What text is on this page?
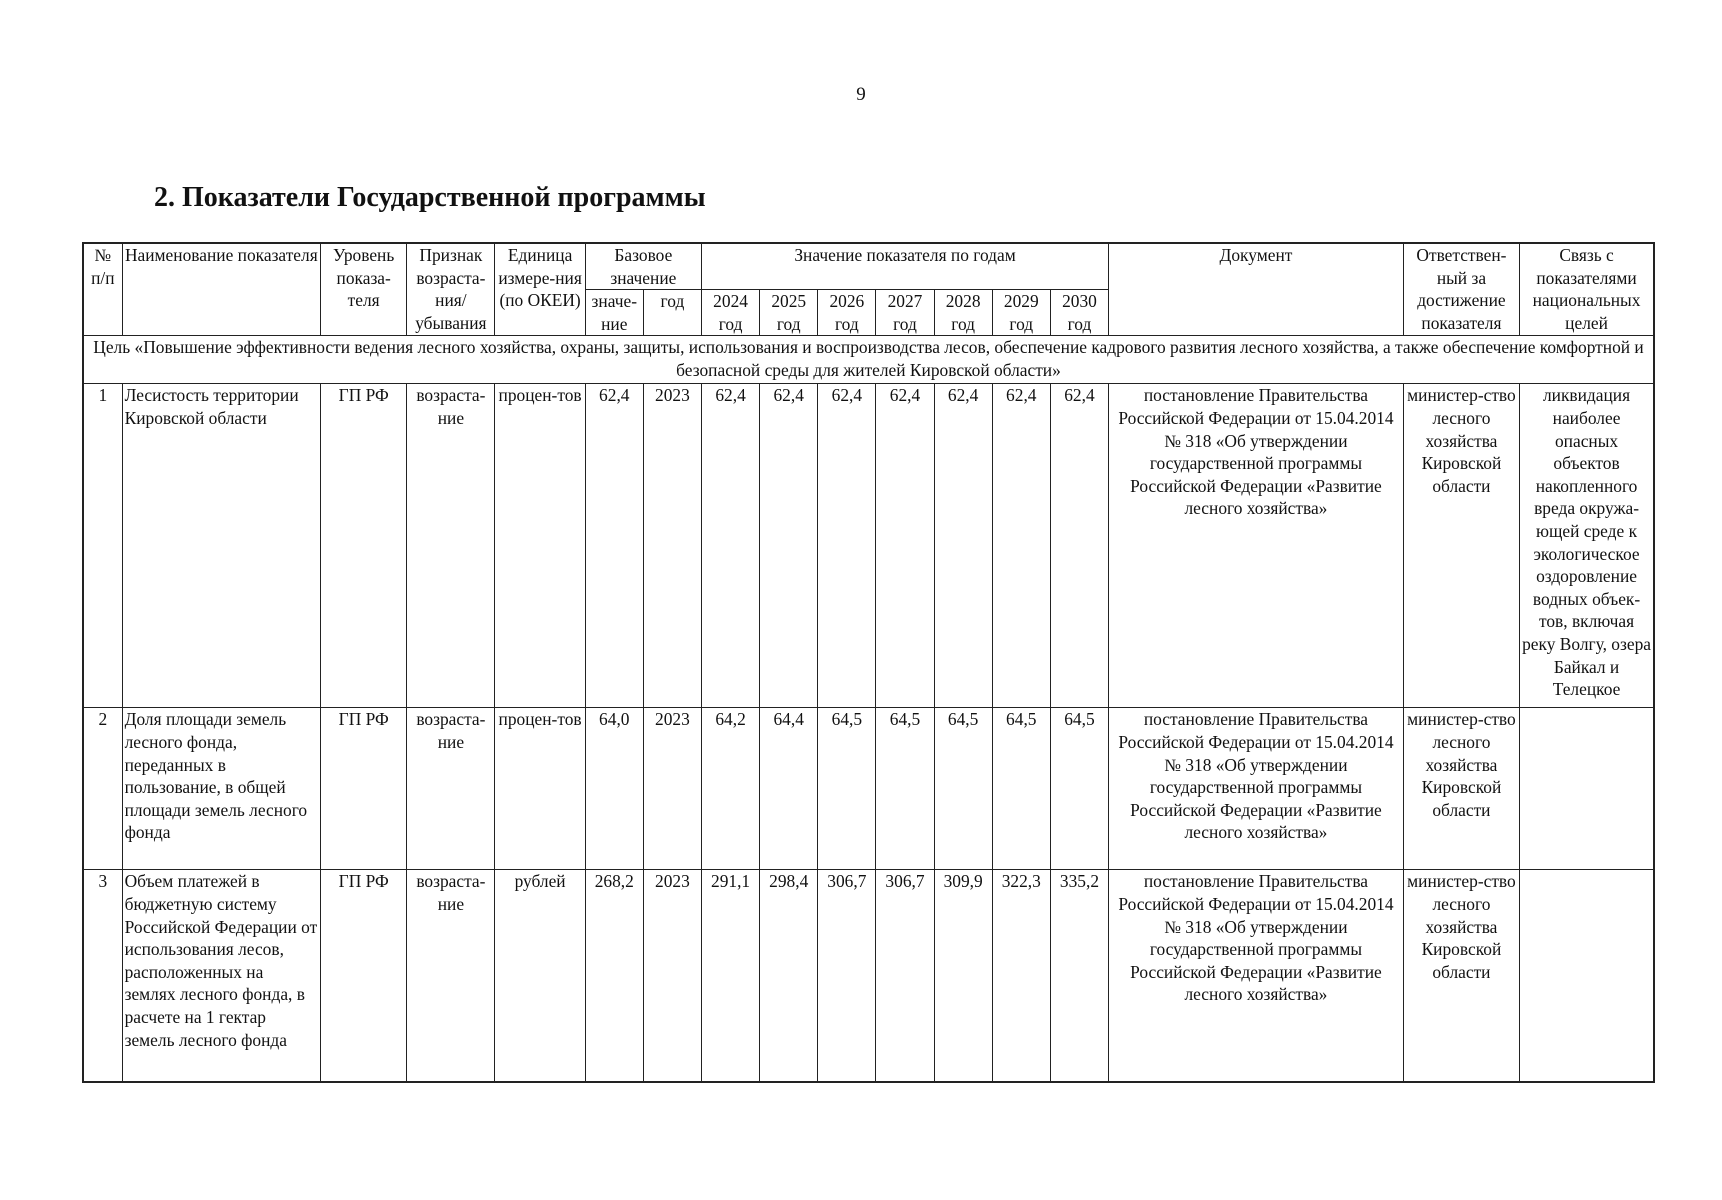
9
2. Показатели Государственной программы
№ п/п	Наименование показателя	Уровень показа-теля	Признак возраста-ния/ убывания	Единица измере-ния (по ОКЕИ)	Базовое значение		Значение показателя по годам							Документ	Ответствен-ный за достижение показателя	Связь с показателями национальных целей
					значе-ние	год	2024 год	2025 год	2026 год	2027 год	2028 год	2029 год	2030 год			
Цель «Повышение эффективности ведения лесного хозяйства, охраны, защиты, использования и воспроизводства лесов, обеспечение кадрового развития лесного хозяйства, а также обеспечение комфортной и безопасной среды для жителей Кировской области»																
1	Лесистость территории Кировской области	ГП РФ	возраста-ние	процен-тов	62,4	2023	62,4	62,4	62,4	62,4	62,4	62,4	62,4	постановление Правительства Российской Федерации от 15.04.2014 № 318 «Об утверждении государственной программы Российской Федерации «Развитие лесного хозяйства»	министер-ство лесного хозяйства Кировской области	ликвидация наиболее опасных объектов накопленного вреда окружа-ющей среде к экологическое оздоровление водных объек-тов, включая реку Волгу, озера Байкал и Телецкое
2	Доля площади земель лесного фонда, переданных в пользование, в общей площади земель лесного фонда	ГП РФ	возраста-ние	процен-тов	64,0	2023	64,2	64,4	64,5	64,5	64,5	64,5	64,5	постановление Правительства Российской Федерации от 15.04.2014 № 318 «Об утверждении государственной программы Российской Федерации «Развитие лесного хозяйства»	министер-ство лесного хозяйства Кировской области	
3	Объем платежей в бюджетную систему Российской Федерации от использования лесов, расположенных на землях лесного фонда, в расчете на 1 гектар земель лесного фонда	ГП РФ	возраста-ние	рублей	268,2	2023	291,1	298,4	306,7	306,7	309,9	322,3	335,2	постановление Правительства Российской Федерации от 15.04.2014 № 318 «Об утверждении государственной программы Российской Федерации «Развитие лесного хозяйства»	министер-ство лесного хозяйства Кировской области	
